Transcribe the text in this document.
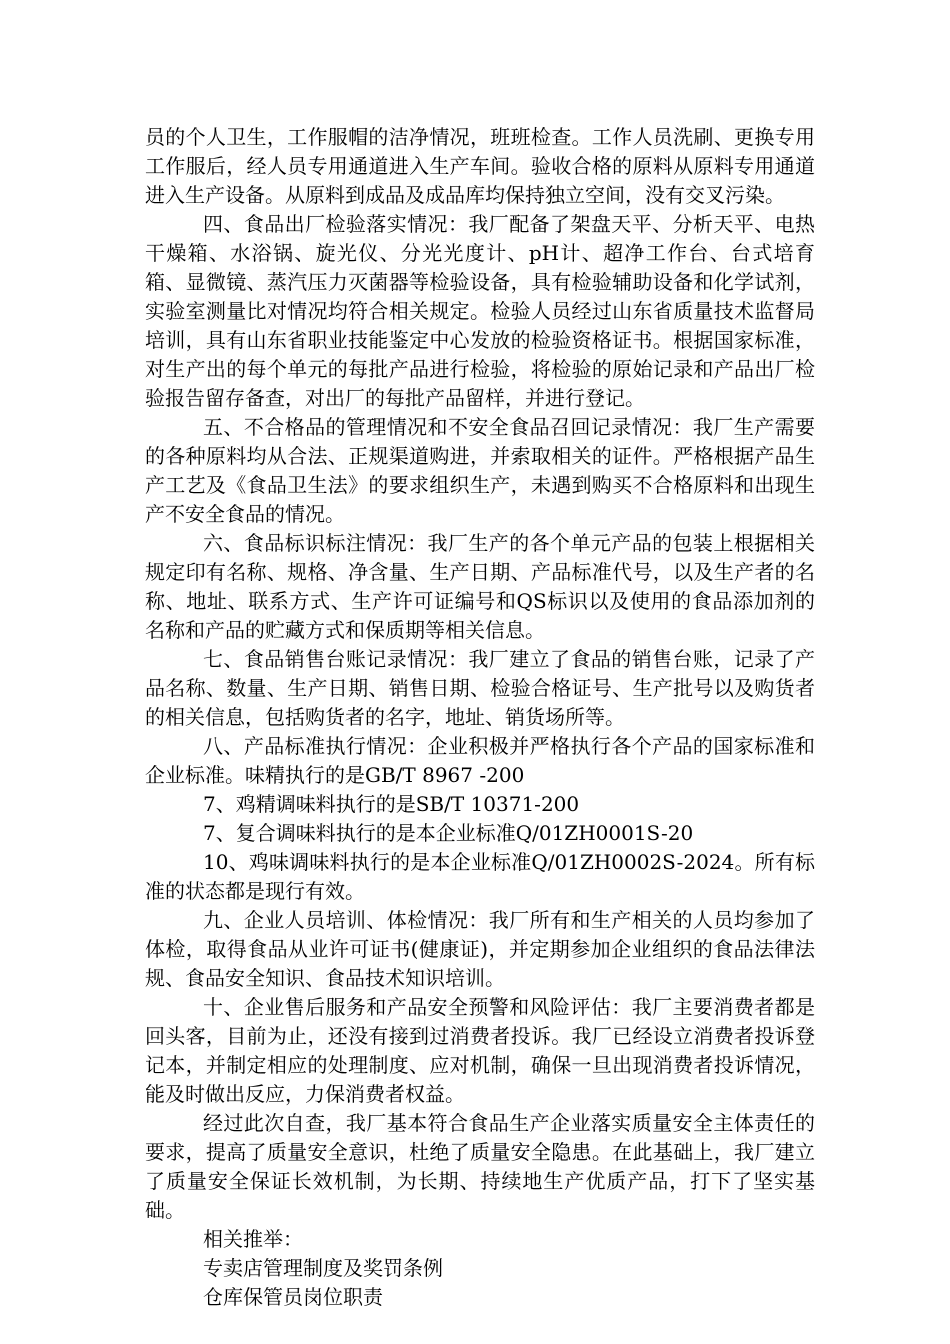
员的个人卫生，工作服帽的洁净情况，班班检查。工作人员洗刷、更换专用工作服后，经人员专用通道进入生产车间。验收合格的原料从原料专用通道进入生产设备。从原料到成品及成品库均保持独立空间，没有交叉污染。

四、食品出厂检验落实情况：我厂配备了架盘天平、分析天平、电热干燥箱、水浴锅、旋光仪、分光光度计、pH计、超净工作台、台式培育箱、显微镜、蒸汽压力灭菌器等检验设备，具有检验辅助设备和化学试剂，实验室测量比对情况均符合相关规定。检验人员经过山东省质量技术监督局培训，具有山东省职业技能鉴定中心发放的检验资格证书。根据国家标准，对生产出的每个单元的每批产品进行检验，将检验的原始记录和产品出厂检验报告留存备查，对出厂的每批产品留样，并进行登记。

五、不合格品的管理情况和不安全食品召回记录情况：我厂生产需要的各种原料均从合法、正规渠道购进，并索取相关的证件。严格根据产品生产工艺及《食品卫生法》的要求组织生产，未遇到购买不合格原料和出现生产不安全食品的情况。

六、食品标识标注情况：我厂生产的各个单元产品的包装上根据相关规定印有名称、规格、净含量、生产日期、产品标准代号，以及生产者的名称、地址、联系方式、生产许可证编号和QS标识以及使用的食品添加剂的名称和产品的贮藏方式和保质期等相关信息。

七、食品销售台账记录情况：我厂建立了食品的销售台账，记录了产品名称、数量、生产日期、销售日期、检验合格证号、生产批号以及购货者的相关信息，包括购货者的名字，地址、销货场所等。

八、产品标准执行情况：企业积极并严格执行各个产品的国家标准和企业标准。味精执行的是GB/T 8967 -200

7、鸡精调味料执行的是SB/T 10371-200

7、复合调味料执行的是本企业标准Q/01ZH0001S-20

10、鸡味调味料执行的是本企业标准Q/01ZH0002S-2024。所有标准的状态都是现行有效。

九、企业人员培训、体检情况：我厂所有和生产相关的人员均参加了体检，取得食品从业许可证书(健康证)，并定期参加企业组织的食品法律法规、食品安全知识、食品技术知识培训。

十、企业售后服务和产品安全预警和风险评估：我厂主要消费者都是回头客，目前为止，还没有接到过消费者投诉。我厂已经设立消费者投诉登记本，并制定相应的处理制度、应对机制，确保一旦出现消费者投诉情况，能及时做出反应，力保消费者权益。

经过此次自查，我厂基本符合食品生产企业落实质量安全主体责任的要求，提高了质量安全意识，杜绝了质量安全隐患。在此基础上，我厂建立了质量安全保证长效机制，为长期、持续地生产优质产品，打下了坚实基础。

相关推举：

专卖店管理制度及奖罚条例

仓库保管员岗位职责
